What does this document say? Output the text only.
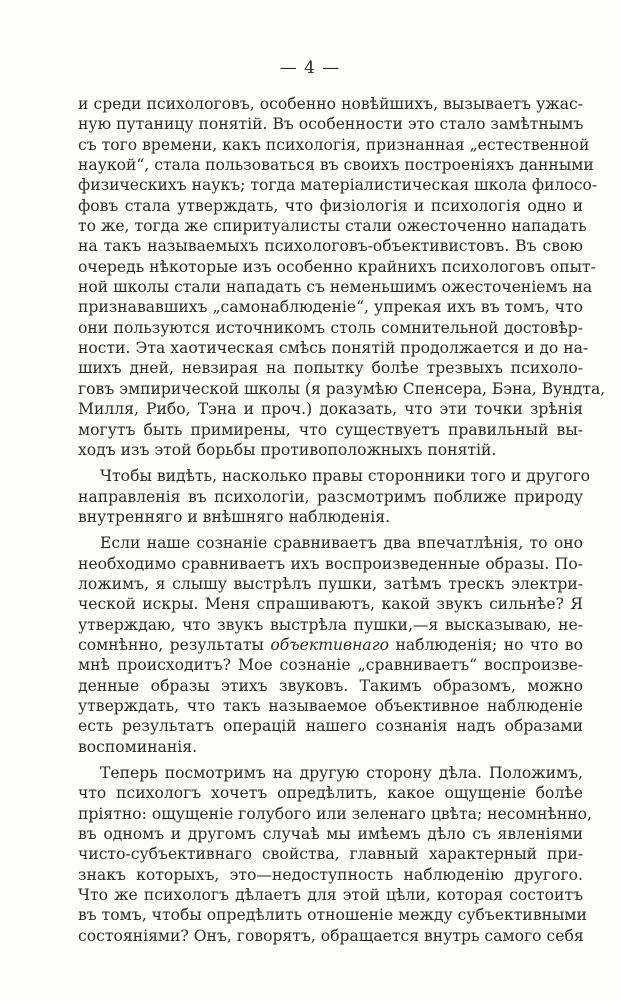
— 4 —
и среди психологовъ, особенно новѣйшихъ, вызываетъ ужас-
ную путаницу понятій. Въ особенности это стало замѣтнымъ
съ того времени, какъ психологія, признанная „естественной
наукой“, стала пользоваться въ своихъ построеніяхъ данными
физическихъ наукъ; тогда матеріалистическая школа филосо-
фовъ стала утверждать, что физіологія и психологія одно и
то же, тогда же спиритуалисты стали ожесточенно нападать
на такъ называемыхъ психологовъ-объективистовъ. Въ свою
очередь нѣкоторые изъ особенно крайнихъ психологовъ опыт-
ной школы стали нападать съ неменьшимъ ожесточеніемъ на
признававшихъ „самонаблюденіе“, упрекая ихъ въ томъ, что
они пользуются источникомъ столь сомнительной достовѣр-
ности. Эта хаотическая смѣсь понятій продолжается и до на-
шихъ дней, невзирая на попытку болѣе трезвыхъ психоло-
говъ эмпирической школы (я разумѣю Спенсера, Бэна, Вундта,
Милля, Рибо, Тэна и проч.) доказать, что эти точки зрѣнія
могутъ быть примирены, что существуетъ правильный вы-
ходъ изъ этой борьбы противоположныхъ понятій.
Чтобы видѣть, насколько правы сторонники того и другого
направленія въ психологіи, разсмотримъ поближе природу
внутренняго и внѣшняго наблюденія.
Если наше сознаніе сравниваетъ два впечатлѣнія, то оно
необходимо сравниваетъ ихъ воспроизведенные образы. По-
ложимъ, я слышу выстрѣлъ пушки, затѣмъ трескъ электри-
ческой искры. Меня спрашиваютъ, какой звукъ сильнѣе? Я
утверждаю, что звукъ выстрѣла пушки,—я высказываю, не-
сомнѣнно, результаты объективнаго наблюденія; но что во
мнѣ происходитъ? Мое сознаніе „сравниваетъ“ воспроизве-
денные образы этихъ звуковъ. Такимъ образомъ, можно
утверждать, что такъ называемое объективное наблюденіе
есть результатъ операцій нашего сознанія надъ образами
воспоминанія.
Теперь посмотримъ на другую сторону дѣла. Положимъ,
что психологъ хочетъ опредѣлить, какое ощущеніе болѣе
пріятно: ощущеніе голубого или зеленаго цвѣта; несомнѣнно,
въ одномъ и другомъ случаѣ мы имѣемъ дѣло съ явленіями
чисто-субъективнаго свойства, главный характерный при-
знакъ которыхъ, это—недоступность наблюденію другого.
Что же психологъ дѣлаетъ для этой цѣли, которая состоитъ
въ томъ, чтобы опредѣлить отношеніе между субъективными
состояніями? Онъ, говорятъ, обращается внутрь самого себя
